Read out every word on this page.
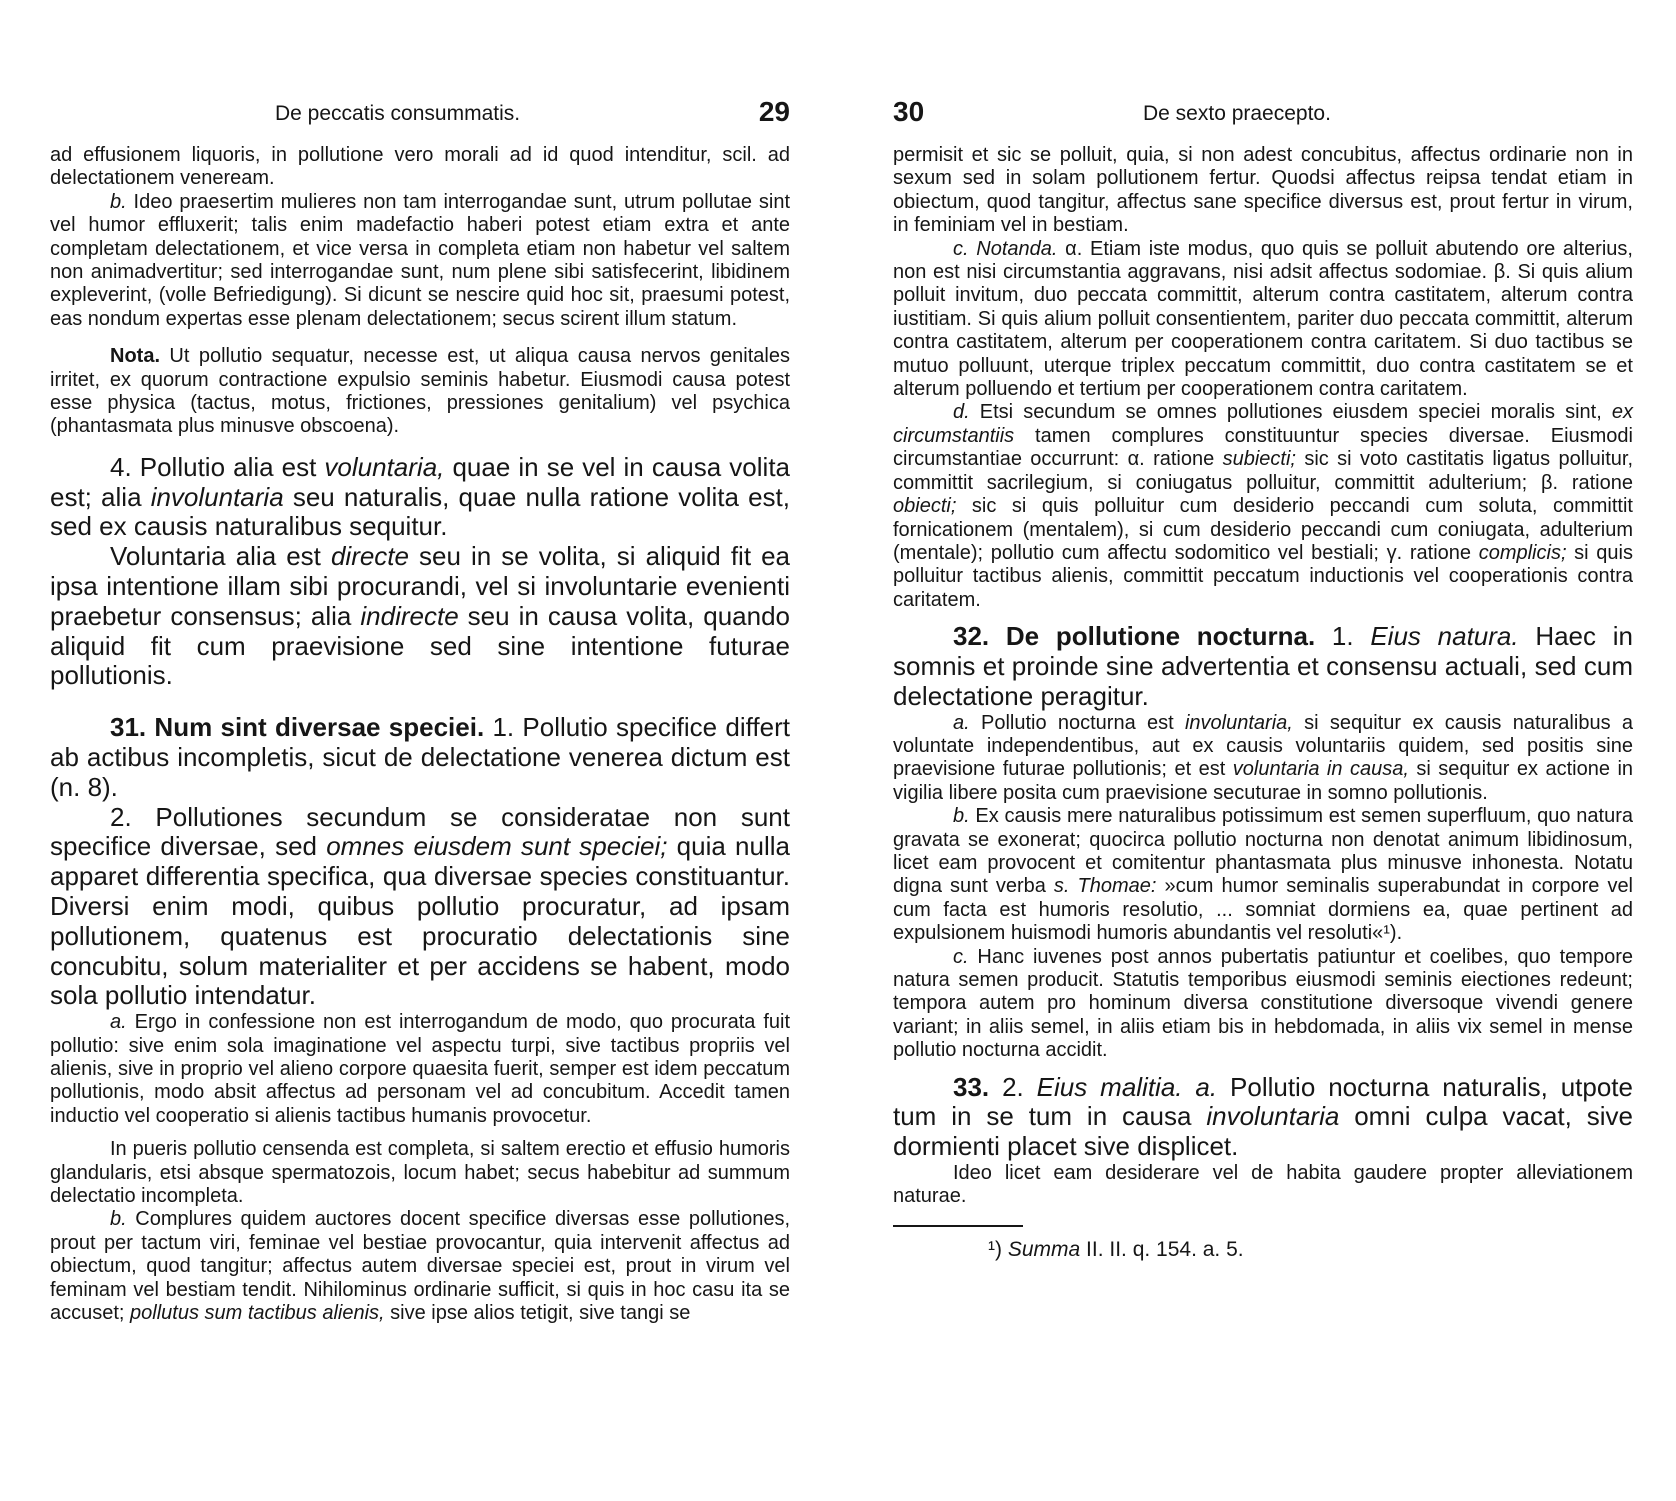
De peccatis consummatis.	29

ad effusionem liquoris, in pollutione vero morali ad id quod intenditur, scil. ad delectationem veneream.

b. Ideo praesertim mulieres non tam interrogandae sunt, utrum pollutae sint vel humor effluxerit; talis enim madefactio haberi potest etiam extra et ante completam delectationem, et vice versa in completa etiam non habetur vel saltem non animadvertitur; sed interrogandae sunt, num plene sibi satisfecerint, libidinem expleverint, (volle Befriedigung). Si dicunt se nescire quid hoc sit, praesumi potest, eas nondum expertas esse plenam delectationem; secus scirent illum statum.

Nota. Ut pollutio sequatur, necesse est, ut aliqua causa nervos genitales irritet, ex quorum contractione expulsio seminis habetur. Eiusmodi causa potest esse physica (tactus, motus, frictiones, pressiones genitalium) vel psychica (phantasmata plus minusve obscoena).

4. Pollutio alia est voluntaria, quae in se vel in causa volita est; alia involuntaria seu naturalis, quae nulla ratione volita est, sed ex causis naturalibus sequitur.

Voluntaria alia est directe seu in se volita, si aliquid fit ea ipsa intentione illam sibi procurandi, vel si involuntarie evenienti praebetur consensus; alia indirecte seu in causa volita, quando aliquid fit cum praevisione sed sine intentione futurae pollutionis.

31. Num sint diversae speciei. 1. Pollutio specifice differt ab actibus incompletis, sicut de delectatione venerea dictum est (n. 8).

2. Pollutiones secundum se consideratae non sunt specifice diversae, sed omnes eiusdem sunt speciei; quia nulla apparet differentia specifica, qua diversae species constituantur. Diversi enim modi, quibus pollutio procuratur, ad ipsam pollutionem, quatenus est procuratio delectationis sine concubitu, solum materialiter et per accidens se habent, modo sola pollutio intendatur.

a. Ergo in confessione non est interrogandum de modo, quo procurata fuit pollutio: sive enim sola imaginatione vel aspectu turpi, sive tactibus propriis vel alienis, sive in proprio vel alieno corpore quaesita fuerit, semper est idem peccatum pollutionis, modo absit affectus ad personam vel ad concubitum. Accedit tamen inductio vel cooperatio si alienis tactibus humanis provocetur.

In pueris pollutio censenda est completa, si saltem erectio et effusio humoris glandularis, etsi absque spermatozois, locum habet; secus habebitur ad summum delectatio incompleta.

b. Complures quidem auctores docent specifice diversas esse pollutiones, prout per tactum viri, feminae vel bestiae provocantur, quia intervenit affectus ad obiectum, quod tangitur; affectus autem diversae speciei est, prout in virum vel feminam vel bestiam tendit. Nihilominus ordinarie sufficit, si quis in hoc casu ita se accuset; pollutus sum tactibus alienis, sive ipse alios tetigit, sive tangi se

30	De sexto praecepto.

permisit et sic se polluit, quia, si non adest concubitus, affectus ordinarie non in sexum sed in solam pollutionem fertur. Quodsi affectus reipsa tendat etiam in obiectum, quod tangitur, affectus sane specifice diversus est, prout fertur in virum, in feminiam vel in bestiam.

c. Notanda. α. Etiam iste modus, quo quis se polluit abutendo ore alterius, non est nisi circumstantia aggravans, nisi adsit affectus sodomiae. β. Si quis alium polluit invitum, duo peccata committit, alterum contra castitatem, alterum contra iustitiam. Si quis alium polluit consentientem, pariter duo peccata committit, alterum contra castitatem, alterum per cooperationem contra caritatem. Si duo tactibus se mutuo polluunt, uterque triplex peccatum committit, duo contra castitatem se et alterum polluendo et tertium per cooperationem contra caritatem.

d. Etsi secundum se omnes pollutiones eiusdem speciei moralis sint, ex circumstantiis tamen complures constituuntur species diversae. Eiusmodi circumstantiae occurrunt: α. ratione subiecti; sic si voto castitatis ligatus polluitur, committit sacrilegium, si coniugatus polluitur, committit adulterium; β. ratione obiecti; sic si quis polluitur cum desiderio peccandi cum soluta, committit fornicationem (mentalem), si cum desiderio peccandi cum coniugata, adulterium (mentale); pollutio cum affectu sodomitico vel bestiali; γ. ratione complicis; si quis polluitur tactibus alienis, committit peccatum inductionis vel cooperationis contra caritatem.

32. De pollutione nocturna. 1. Eius natura. Haec in somnis et proinde sine advertentia et consensu actuali, sed cum delectatione peragitur.

a. Pollutio nocturna est involuntaria, si sequitur ex causis naturalibus a voluntate independentibus, aut ex causis voluntariis quidem, sed positis sine praevisione futurae pollutionis; et est voluntaria in causa, si sequitur ex actione in vigilia libere posita cum praevisione secuturae in somno pollutionis.

b. Ex causis mere naturalibus potissimum est semen superfluum, quo natura gravata se exonerat; quocirca pollutio nocturna non denotat animum libidinosum, licet eam provocent et comitentur phantasmata plus minusve inhonesta. Notatu digna sunt verba s. Thomae: »cum humor seminalis superabundat in corpore vel cum facta est humoris resolutio, ... somniat dormiens ea, quae pertinent ad expulsionem huismodi humoris abundantis vel resoluti«¹).

c. Hanc iuvenes post annos pubertatis patiuntur et coelibes, quo tempore natura semen producit. Statutis temporibus eiusmodi seminis eiectiones redeunt; tempora autem pro hominum diversa constitutione diversoque vivendi genere variant; in aliis semel, in aliis etiam bis in hebdomada, in aliis vix semel in mense pollutio nocturna accidit.

33. 2. Eius malitia. a. Pollutio nocturna naturalis, utpote tum in se tum in causa involuntaria omni culpa vacat, sive dormienti placet sive displicet.

Ideo licet eam desiderare vel de habita gaudere propter alleviationem naturae.

¹) Summa II. II. q. 154. a. 5.
